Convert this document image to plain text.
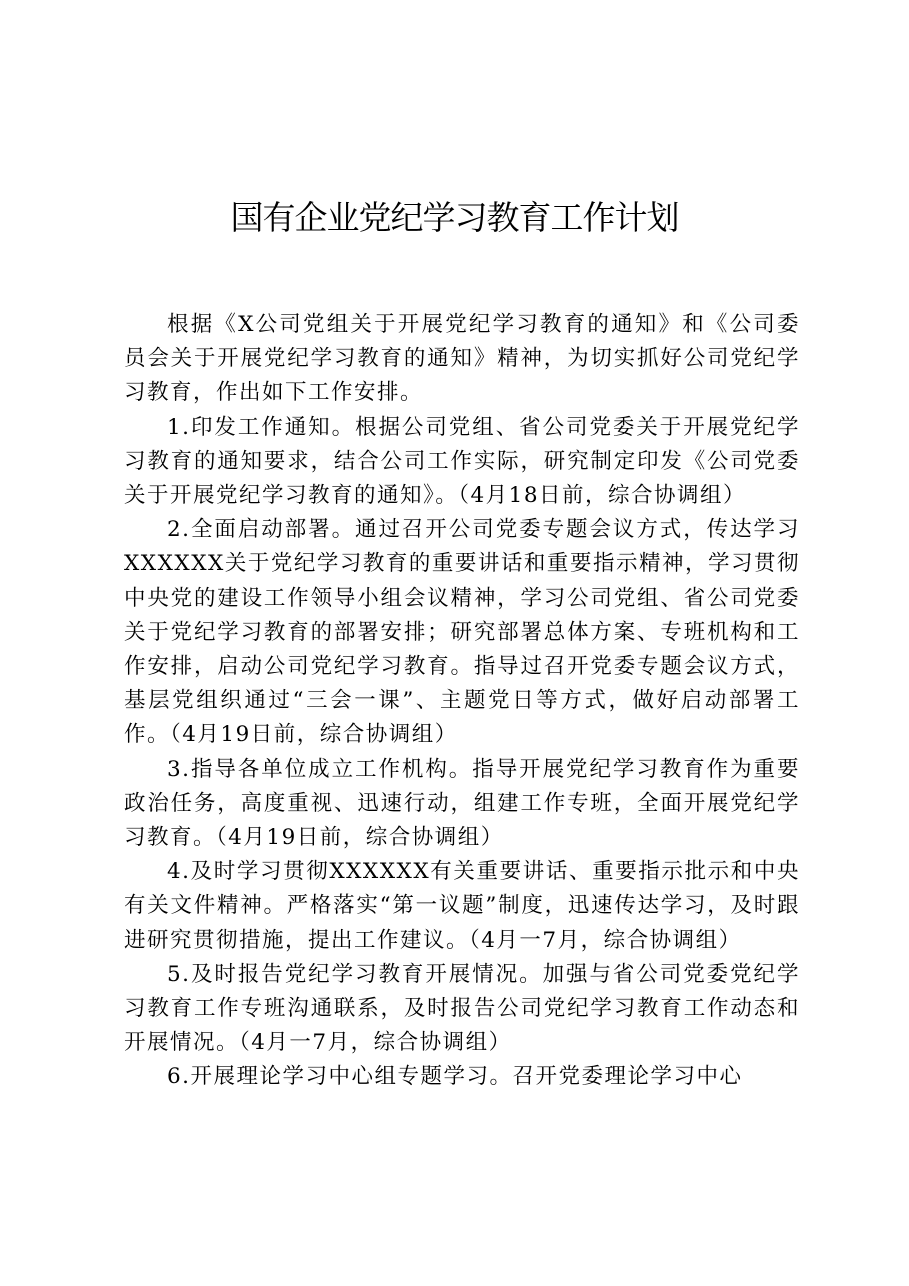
国有企业党纪学习教育工作计划

根据《X公司党组关于开展党纪学习教育的通知》和《公司委员会关于开展党纪学习教育的通知》精神，为切实抓好公司党纪学习教育，作出如下工作安排。

1.印发工作通知。根据公司党组、省公司党委关于开展党纪学习教育的通知要求，结合公司工作实际，研究制定印发《公司党委关于开展党纪学习教育的通知》。（4月18日前，综合协调组）

2.全面启动部署。通过召开公司党委专题会议方式，传达学习XXXXXX关于党纪学习教育的重要讲话和重要指示精神，学习贯彻中央党的建设工作领导小组会议精神，学习公司党组、省公司党委关于党纪学习教育的部署安排；研究部署总体方案、专班机构和工作安排，启动公司党纪学习教育。指导过召开党委专题会议方式，基层党组织通过“三会一课”、主题党日等方式，做好启动部署工作。（4月19日前，综合协调组）

3.指导各单位成立工作机构。指导开展党纪学习教育作为重要政治任务，高度重视、迅速行动，组建工作专班，全面开展党纪学习教育。（4月19日前，综合协调组）

4.及时学习贯彻XXXXXX有关重要讲话、重要指示批示和中央有关文件精神。严格落实“第一议题”制度，迅速传达学习，及时跟进研究贯彻措施，提出工作建议。（4月一7月，综合协调组）

5.及时报告党纪学习教育开展情况。加强与省公司党委党纪学习教育工作专班沟通联系，及时报告公司党纪学习教育工作动态和开展情况。（4月一7月，综合协调组）

6.开展理论学习中心组专题学习。召开党委理论学习中心
